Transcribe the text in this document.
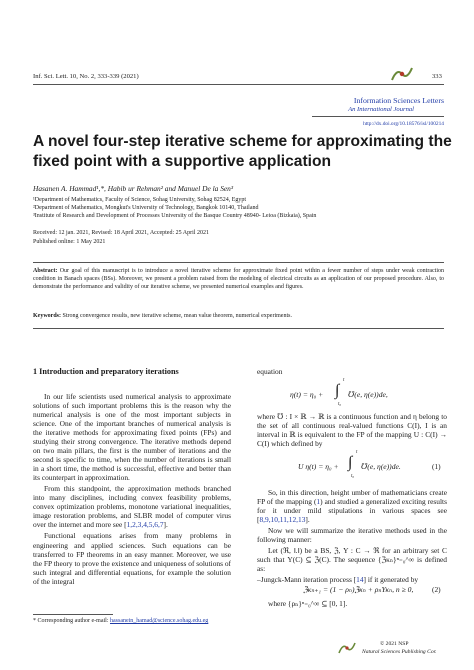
Inf. Sci. Lett. 10, No. 2, 333-339 (2021)	333
Information Sciences Letters
An International Journal
http://dx.doi.org/10.18576/isl/100214
A novel four-step iterative scheme for approximating the
fixed point with a supportive application
Hasanen A. Hammad¹,*, Habib ur Rehman² and Manuel De la Sen³
¹Department of Mathematics, Faculty of Science, Sohag University, Sohag 82524, Egypt
²Department of Mathematics, Mongkut's University of Technology, Bangkok 10140, Thailand
³Institute of Research and Development of Processes University of the Basque Country 48940- Leioa (Bizkaia), Spain
Received: 12 jan. 2021, Revised: 18 April 2021, Accepted: 25 April 2021
Published online: 1 May 2021
Abstract: Our goal of this manuscript is to introduce a novel iterative scheme for approximate fixed point within a fewer number of steps under weak contraction condition in Banach spaces (BSs). Moreover, we present a problem raised from the modeling of electrical circuits as an application of our proposed procedure. Also, to demonstrate the performance and validity of our iterative scheme, we presented numerical examples and figures.
Keywords: Strong convergence results, new iterative scheme, mean value theorem, numerical experiments.
1 Introduction and preparatory iterations

In our life scientists used numerical analysis to approximate solutions of such important problems this is the reason why the numerical analysis is one of the most important subjects in science. One of the important branches of numerical analysis is the iterative methods for approximating fixed points (FPs) and studying their strong convergence. The iterative methods depend on two main pillars, the first is the number of iterations and the second is specific to time, when the number of iterations is small in a short time, the method is successful, effective and better than its counterpart in approximation.

From this standpoint, the approximation methods branched into many disciplines, including convex feasibility problems, convex optimization problems, monotone variational inequalities, image restoration problems, and SLBR model of computer virus over the internet and more see [1,2,3,4,5,6,7].

Functional equations arises from many problems in engineering and applied sciences. Such equations can be transferred to FP theorems in an easy manner. Moreover, we use the FP theory to prove the existence and uniqueness of solutions of such integral and differential equations, for example the solution of the integral

equation
η(t) = η₀ + ∫
t
t₀
℧(e, η(e))de,
where ℧ : I × ℝ → ℝ is a continuous function and η belong to the set of all continuous real-valued functions C(I), I is an interval in ℝ is equivalent to the FP of the mapping U : C(I) → C(I) which defined by
U η(t) = η₀ + ∫
t
t₀
℧(e, η(e))de.	(1)

So, in this direction, height umber of mathematicians create FP of the mapping (1) and studied a generalized exciting results for it under mild stipulations in various spaces see [8,9,10,11,12,13].

Now we will summarize the iterative methods used in the following manner:

Let (ℜ, ‖.‖) be a BS, ℨ, Υ : C → ℜ for an arbitrary set C such that Υ(C) ⊆ ℨ(C). The sequence {ℨκₙ}ⁿ₌₀^∞ is defined as:

–Jungck-Mann iteration process [14] if it generated by

ℨκₙ₊₁ = (1 − ρₙ)ℨκₙ + ρₙΥκₙ, n ≥ 0,	(2)
where {ρₙ}ⁿ₌₀^∞ ⊆ [0, 1].
* Corresponding author e-mail: hassanein_hamad@science.sohag.edu.eg
© 2021 NSP
Natural Sciences Publishing Cor.
